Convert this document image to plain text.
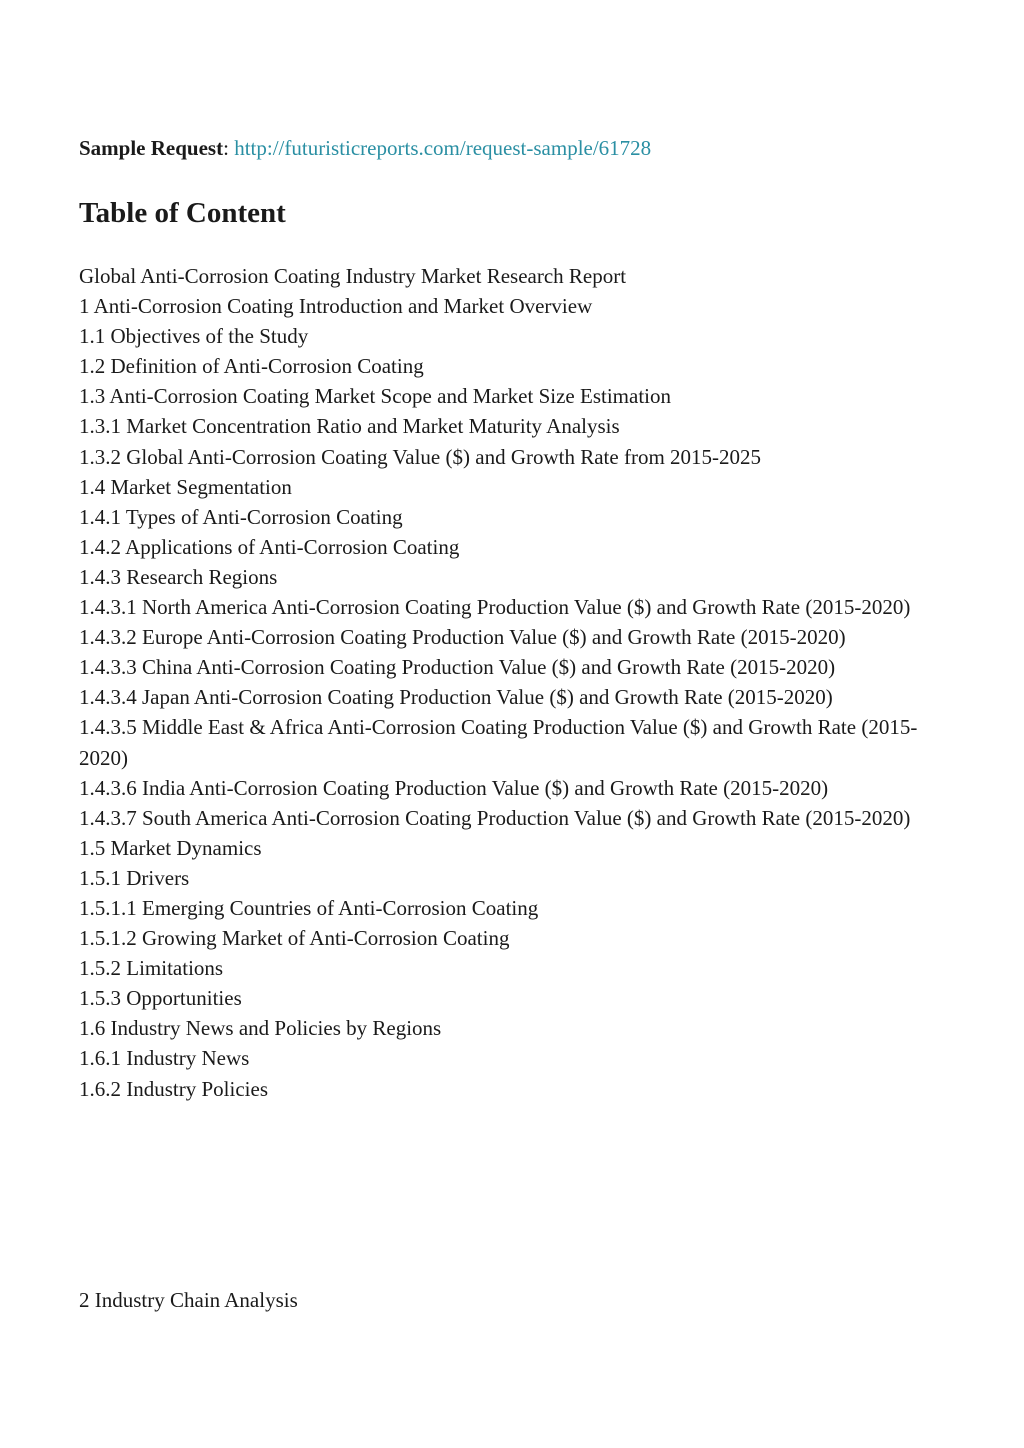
Sample Request: http://futuristicreports.com/request-sample/61728
Table of Content
Global Anti-Corrosion Coating Industry Market Research Report
1 Anti-Corrosion Coating Introduction and Market Overview
1.1 Objectives of the Study
1.2 Definition of Anti-Corrosion Coating
1.3 Anti-Corrosion Coating Market Scope and Market Size Estimation
1.3.1 Market Concentration Ratio and Market Maturity Analysis
1.3.2 Global Anti-Corrosion Coating Value ($) and Growth Rate from 2015-2025
1.4 Market Segmentation
1.4.1 Types of Anti-Corrosion Coating
1.4.2 Applications of Anti-Corrosion Coating
1.4.3 Research Regions
1.4.3.1 North America Anti-Corrosion Coating Production Value ($) and Growth Rate (2015-2020)
1.4.3.2 Europe Anti-Corrosion Coating Production Value ($) and Growth Rate (2015-2020)
1.4.3.3 China Anti-Corrosion Coating Production Value ($) and Growth Rate (2015-2020)
1.4.3.4 Japan Anti-Corrosion Coating Production Value ($) and Growth Rate (2015-2020)
1.4.3.5 Middle East & Africa Anti-Corrosion Coating Production Value ($) and Growth Rate (2015-2020)
1.4.3.6 India Anti-Corrosion Coating Production Value ($) and Growth Rate (2015-2020)
1.4.3.7 South America Anti-Corrosion Coating Production Value ($) and Growth Rate (2015-2020)
1.5 Market Dynamics
1.5.1 Drivers
1.5.1.1 Emerging Countries of Anti-Corrosion Coating
1.5.1.2 Growing Market of Anti-Corrosion Coating
1.5.2 Limitations
1.5.3 Opportunities
1.6 Industry News and Policies by Regions
1.6.1 Industry News
1.6.2 Industry Policies
2 Industry Chain Analysis
